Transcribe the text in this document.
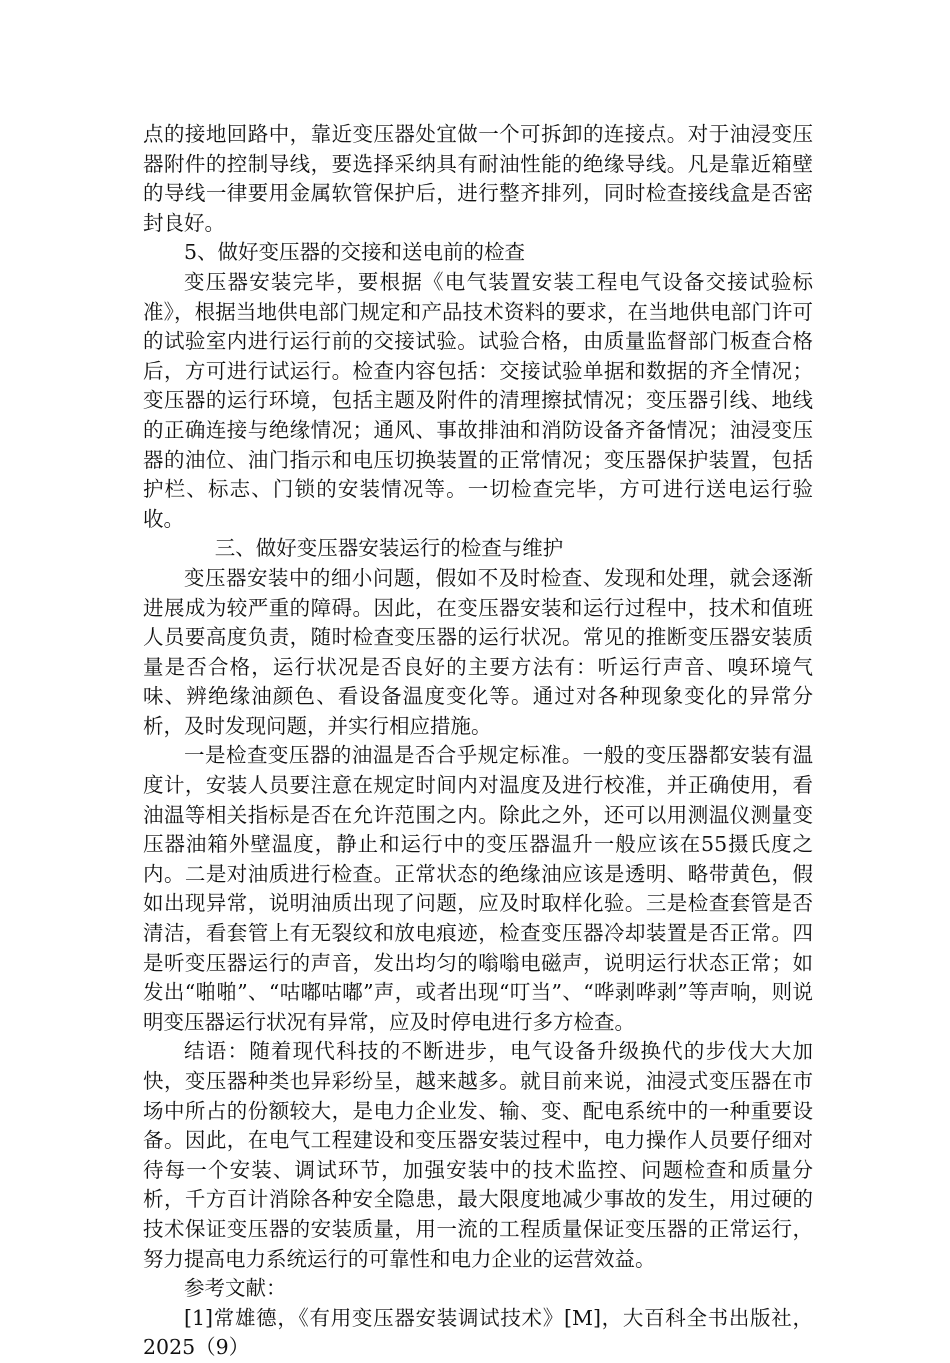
点的接地回路中，靠近变压器处宜做一个可拆卸的连接点。对于油浸变压器附件的控制导线，要选择采纳具有耐油性能的绝缘导线。凡是靠近箱壁的导线一律要用金属软管保护后，进行整齐排列，同时检查接线盒是否密封良好。

5、做好变压器的交接和送电前的检查

变压器安装完毕，要根据《电气装置安装工程电气设备交接试验标准》，根据当地供电部门规定和产品技术资料的要求，在当地供电部门许可的试验室内进行运行前的交接试验。试验合格，由质量监督部门板查合格后，方可进行试运行。检查内容包括：交接试验单据和数据的齐全情况；变压器的运行环境，包括主题及附件的清理擦拭情况；变压器引线、地线的正确连接与绝缘情况；通风、事故排油和消防设备齐备情况；油浸变压器的油位、油门指示和电压切换装置的正常情况；变压器保护装置，包括护栏、标志、门锁的安装情况等。一切检查完毕，方可进行送电运行验收。

三、做好变压器安装运行的检查与维护

变压器安装中的细小问题，假如不及时检查、发现和处理，就会逐渐进展成为较严重的障碍。因此，在变压器安装和运行过程中，技术和值班人员要高度负责，随时检查变压器的运行状况。常见的推断变压器安装质量是否合格，运行状况是否良好的主要方法有：听运行声音、嗅环境气味、辨绝缘油颜色、看设备温度变化等。通过对各种现象变化的异常分析，及时发现问题，并实行相应措施。

一是检查变压器的油温是否合乎规定标准。一般的变压器都安装有温度计，安装人员要注意在规定时间内对温度及进行校准，并正确使用，看油温等相关指标是否在允许范围之内。除此之外，还可以用测温仪测量变压器油箱外壁温度，静止和运行中的变压器温升一般应该在55摄氏度之内。二是对油质进行检查。正常状态的绝缘油应该是透明、略带黄色，假如出现异常，说明油质出现了问题，应及时取样化验。三是检查套管是否清洁，看套管上有无裂纹和放电痕迹，检查变压器冷却装置是否正常。四是听变压器运行的声音，发出均匀的嗡嗡电磁声，说明运行状态正常；如发出“啪啪”、“咕嘟咕嘟”声，或者出现“叮当”、“哗剥哗剥”等声响，则说明变压器运行状况有异常，应及时停电进行多方检查。

结语：随着现代科技的不断进步，电气设备升级换代的步伐大大加快，变压器种类也异彩纷呈，越来越多。就目前来说，油浸式变压器在市场中所占的份额较大，是电力企业发、输、变、配电系统中的一种重要设备。因此，在电气工程建设和变压器安装过程中，电力操作人员要仔细对待每一个安装、调试环节，加强安装中的技术监控、问题检查和质量分析，千方百计消除各种安全隐患，最大限度地减少事故的发生，用过硬的技术保证变压器的安装质量，用一流的工程质量保证变压器的正常运行，努力提高电力系统运行的可靠性和电力企业的运营效益。

参考文献：

[1]常雄德，《有用变压器安装调试技术》[M]，大百科全书出版社，2025（9）
